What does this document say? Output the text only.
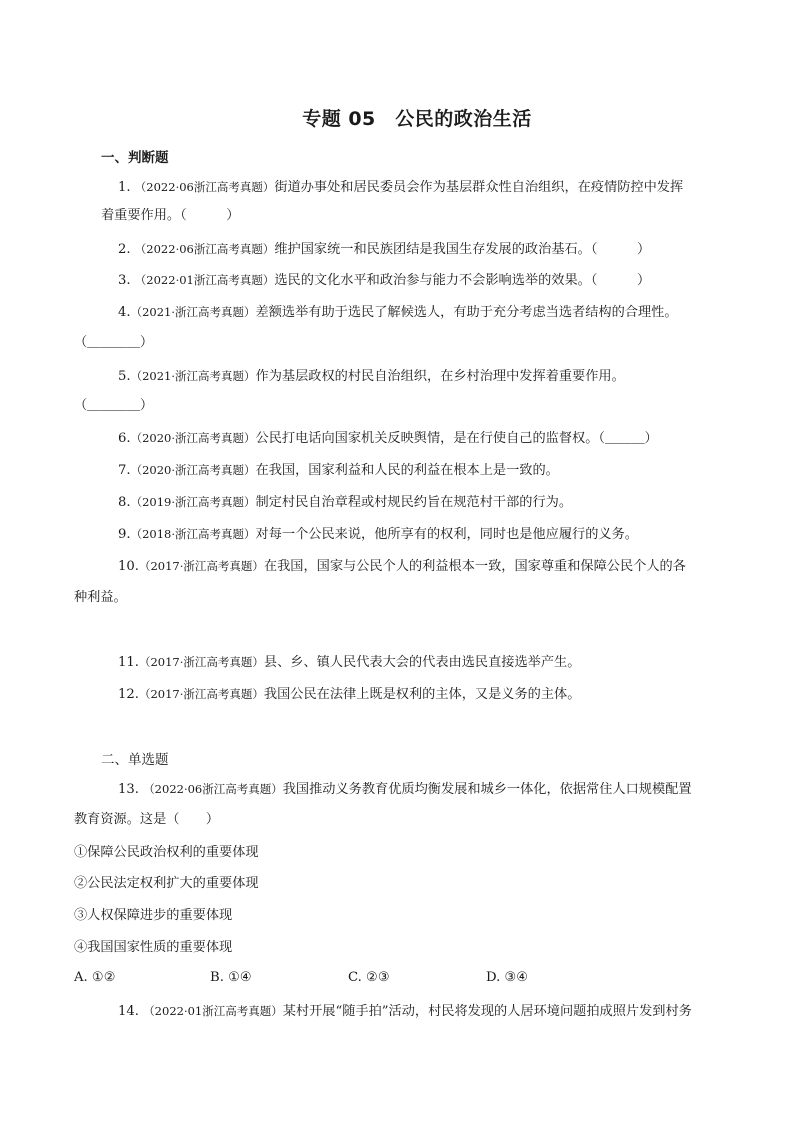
专题 05　公民的政治生活
一、判断题
1. （2022·06浙江高考真题）街道办事处和居民委员会作为基层群众性自治组织，在疫情防控中发挥
着重要作用。（　　　）
2. （2022·06浙江高考真题）维护国家统一和民族团结是我国生存发展的政治基石。（　　　）
3. （2022·01浙江高考真题）选民的文化水平和政治参与能力不会影响选举的效果。（　　　）
4.（2021·浙江高考真题）差额选举有助于选民了解候选人，有助于充分考虑当选者结构的合理性。
（＿＿＿＿）
5.（2021·浙江高考真题）作为基层政权的村民自治组织，在乡村治理中发挥着重要作用。
（＿＿＿＿）
6.（2020·浙江高考真题）公民打电话向国家机关反映舆情，是在行使自己的监督权。（＿＿＿）
7.（2020·浙江高考真题）在我国，国家利益和人民的利益在根本上是一致的。
8.（2019·浙江高考真题）制定村民自治章程或村规民约旨在规范村干部的行为。
9.（2018·浙江高考真题）对每一个公民来说，他所享有的权利，同时也是他应履行的义务。
10.（2017·浙江高考真题）在我国，国家与公民个人的利益根本一致，国家尊重和保障公民个人的各
种利益。
11.（2017·浙江高考真题）县、乡、镇人民代表大会的代表由选民直接选举产生。
12.（2017·浙江高考真题）我国公民在法律上既是权利的主体，又是义务的主体。
二、单选题
13. （2022·06浙江高考真题）我国推动义务教育优质均衡发展和城乡一体化，依据常住人口规模配置
教育资源。这是（　　）
①保障公民政治权利的重要体现
②公民法定权利扩大的重要体现
③人权保障进步的重要体现
④我国国家性质的重要体现
A. ①②	B. ①④	C. ②③	D. ③④
14. （2022·01浙江高考真题）某村开展“随手拍”活动，村民将发现的人居环境问题拍成照片发到村务
